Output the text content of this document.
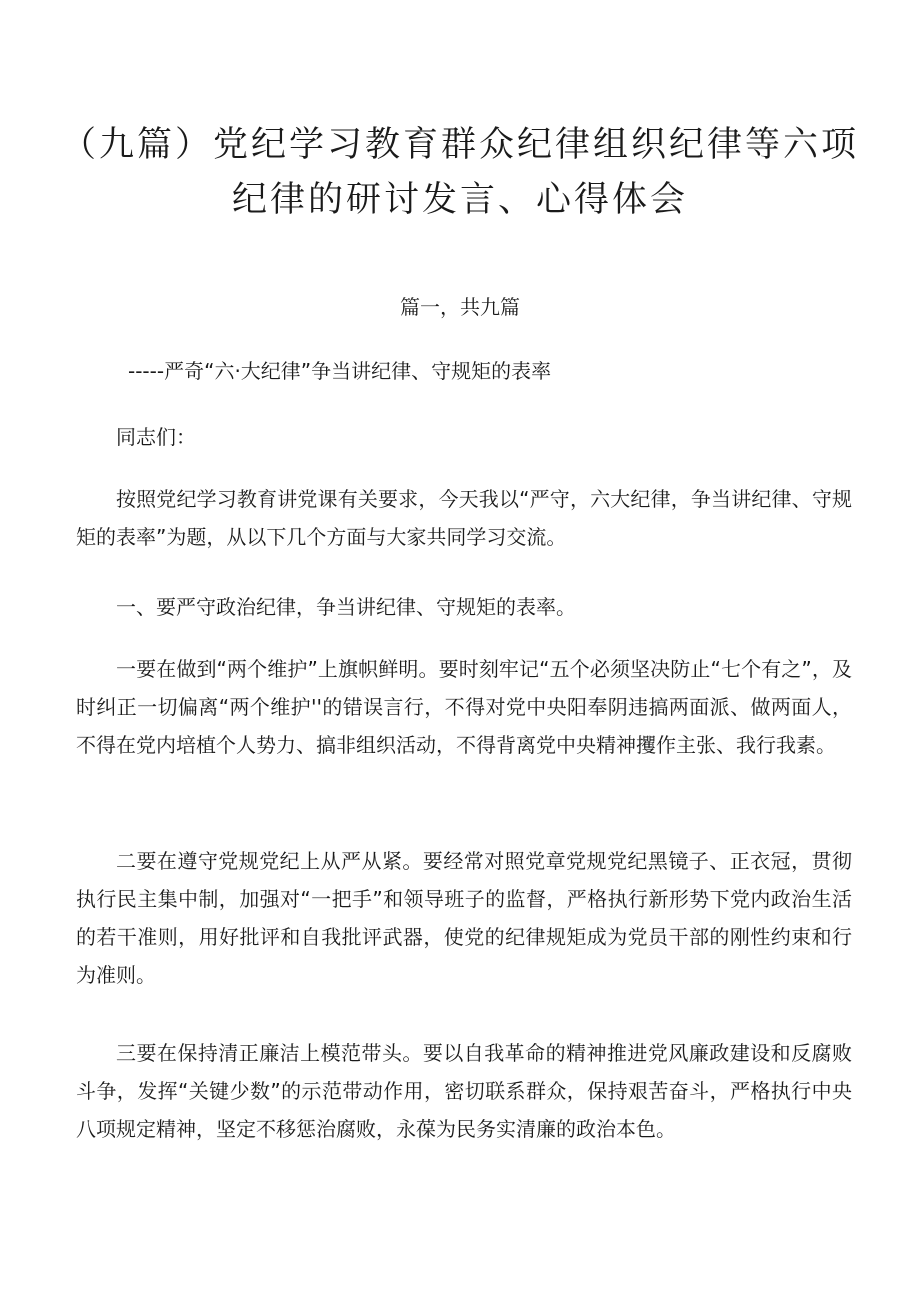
（九篇）党纪学习教育群众纪律组织纪律等六项纪律的研讨发言、心得体会
篇一，共九篇
-----严奇“六·大纪律”争当讲纪律、守规矩的表率

同志们：

按照党纪学习教育讲党课有关要求，今天我以“严守，六大纪律，争当讲纪律、守规矩的表率”为题，从以下几个方面与大家共同学习交流。

一、要严守政治纪律，争当讲纪律、守规矩的表率。

一要在做到“两个维护”上旗帜鲜明。要时刻牢记“五个必须坚决防止“七个有之”，及时纠正一切偏离“两个维护''的错误言行，不得对党中央阳奉阴违搞两面派、做两面人，不得在党内培植个人势力、搞非组织活动，不得背离党中央精神攫作主张、我行我素。

二要在遵守党规党纪上从严从紧。要经常对照党章党规党纪黑镜子、正衣冠，贯彻执行民主集中制，加强对“一把手”和领导班子的监督，严格执行新形势下党内政治生活的若干准则，用好批评和自我批评武器，使党的纪律规矩成为党员干部的刚性约束和行为准则。

三要在保持清正廉洁上模范带头。要以自我革命的精神推进党风廉政建设和反腐败斗争，发挥“关键少数”的示范带动作用，密切联系群众，保持艰苦奋斗，严格执行中央八项规定精神，坚定不移惩治腐败，永葆为民务实清廉的政治本色。
